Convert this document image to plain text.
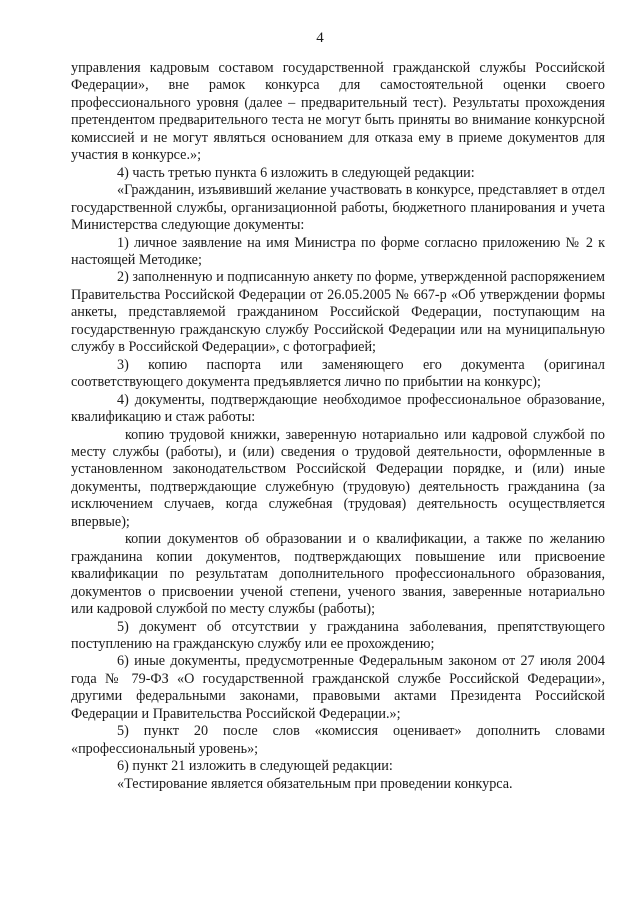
4

управления кадровым составом государственной гражданской службы Российской Федерации», вне рамок конкурса для самостоятельной оценки своего профессионального уровня (далее – предварительный тест). Результаты прохождения претендентом предварительного теста не могут быть приняты во внимание конкурсной комиссией и не могут являться основанием для отказа ему в приеме документов для участия в конкурсе.»;

4) часть третью пункта 6 изложить в следующей редакции:

«Гражданин, изъявивший желание участвовать в конкурсе, представляет в отдел государственной службы, организационной работы, бюджетного планирования и учета Министерства следующие документы:

1) личное заявление на имя Министра по форме согласно приложению № 2 к настоящей Методике;

2) заполненную и подписанную анкету по форме, утвержденной распоряжением Правительства Российской Федерации от 26.05.2005 № 667-р «Об утверждении формы анкеты, представляемой гражданином Российской Федерации, поступающим на государственную гражданскую службу Российской Федерации или на муниципальную службу в Российской Федерации», с фотографией;

3) копию паспорта или заменяющего его документа (оригинал соответствующего документа предъявляется лично по прибытии на конкурс);

4) документы, подтверждающие необходимое профессиональное образование, квалификацию и стаж работы:

копию трудовой книжки, заверенную нотариально или кадровой службой по месту службы (работы), и (или) сведения о трудовой деятельности, оформленные в установленном законодательством Российской Федерации порядке, и (или) иные документы, подтверждающие служебную (трудовую) деятельность гражданина (за исключением случаев, когда служебная (трудовая) деятельность осуществляется впервые);

копии документов об образовании и о квалификации, а также по желанию гражданина копии документов, подтверждающих повышение или присвоение квалификации по результатам дополнительного профессионального образования, документов о присвоении ученой степени, ученого звания, заверенные нотариально или кадровой службой по месту службы (работы);

5) документ об отсутствии у гражданина заболевания, препятствующего поступлению на гражданскую службу или ее прохождению;

6) иные документы, предусмотренные Федеральным законом от 27 июля 2004 года № 79-ФЗ «О государственной гражданской службе Российской Федерации», другими федеральными законами, правовыми актами Президента Российской Федерации и Правительства Российской Федерации.»;

5) пункт 20 после слов «комиссия оценивает» дополнить словами «профессиональный уровень»;

6) пункт 21 изложить в следующей редакции:

«Тестирование является обязательным при проведении конкурса.
